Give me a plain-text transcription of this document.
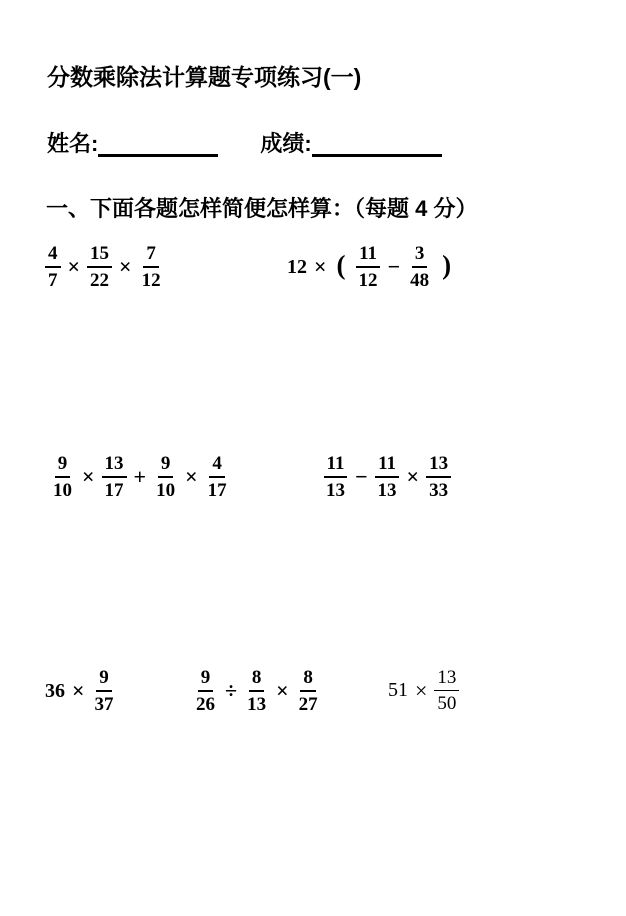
分数乘除法计算题专项练习(一)
姓名:	成绩:
一、下面各题怎样简便怎样算：（每题 4 分）
$\frac{4}{7} \times \frac{15}{22} \times \frac{7}{12}$	12 × ( $\frac{11}{12} - \frac{3}{48}$ )
$\frac{9}{10} \times \frac{13}{17} + \frac{9}{10} \times \frac{4}{17}$	$\frac{11}{13} - \frac{11}{13} \times \frac{13}{33}$
$36 \times \frac{9}{37}$	$\frac{9}{26} \div \frac{8}{13} \times \frac{8}{27}$	$51 \times \frac{13}{50}$
